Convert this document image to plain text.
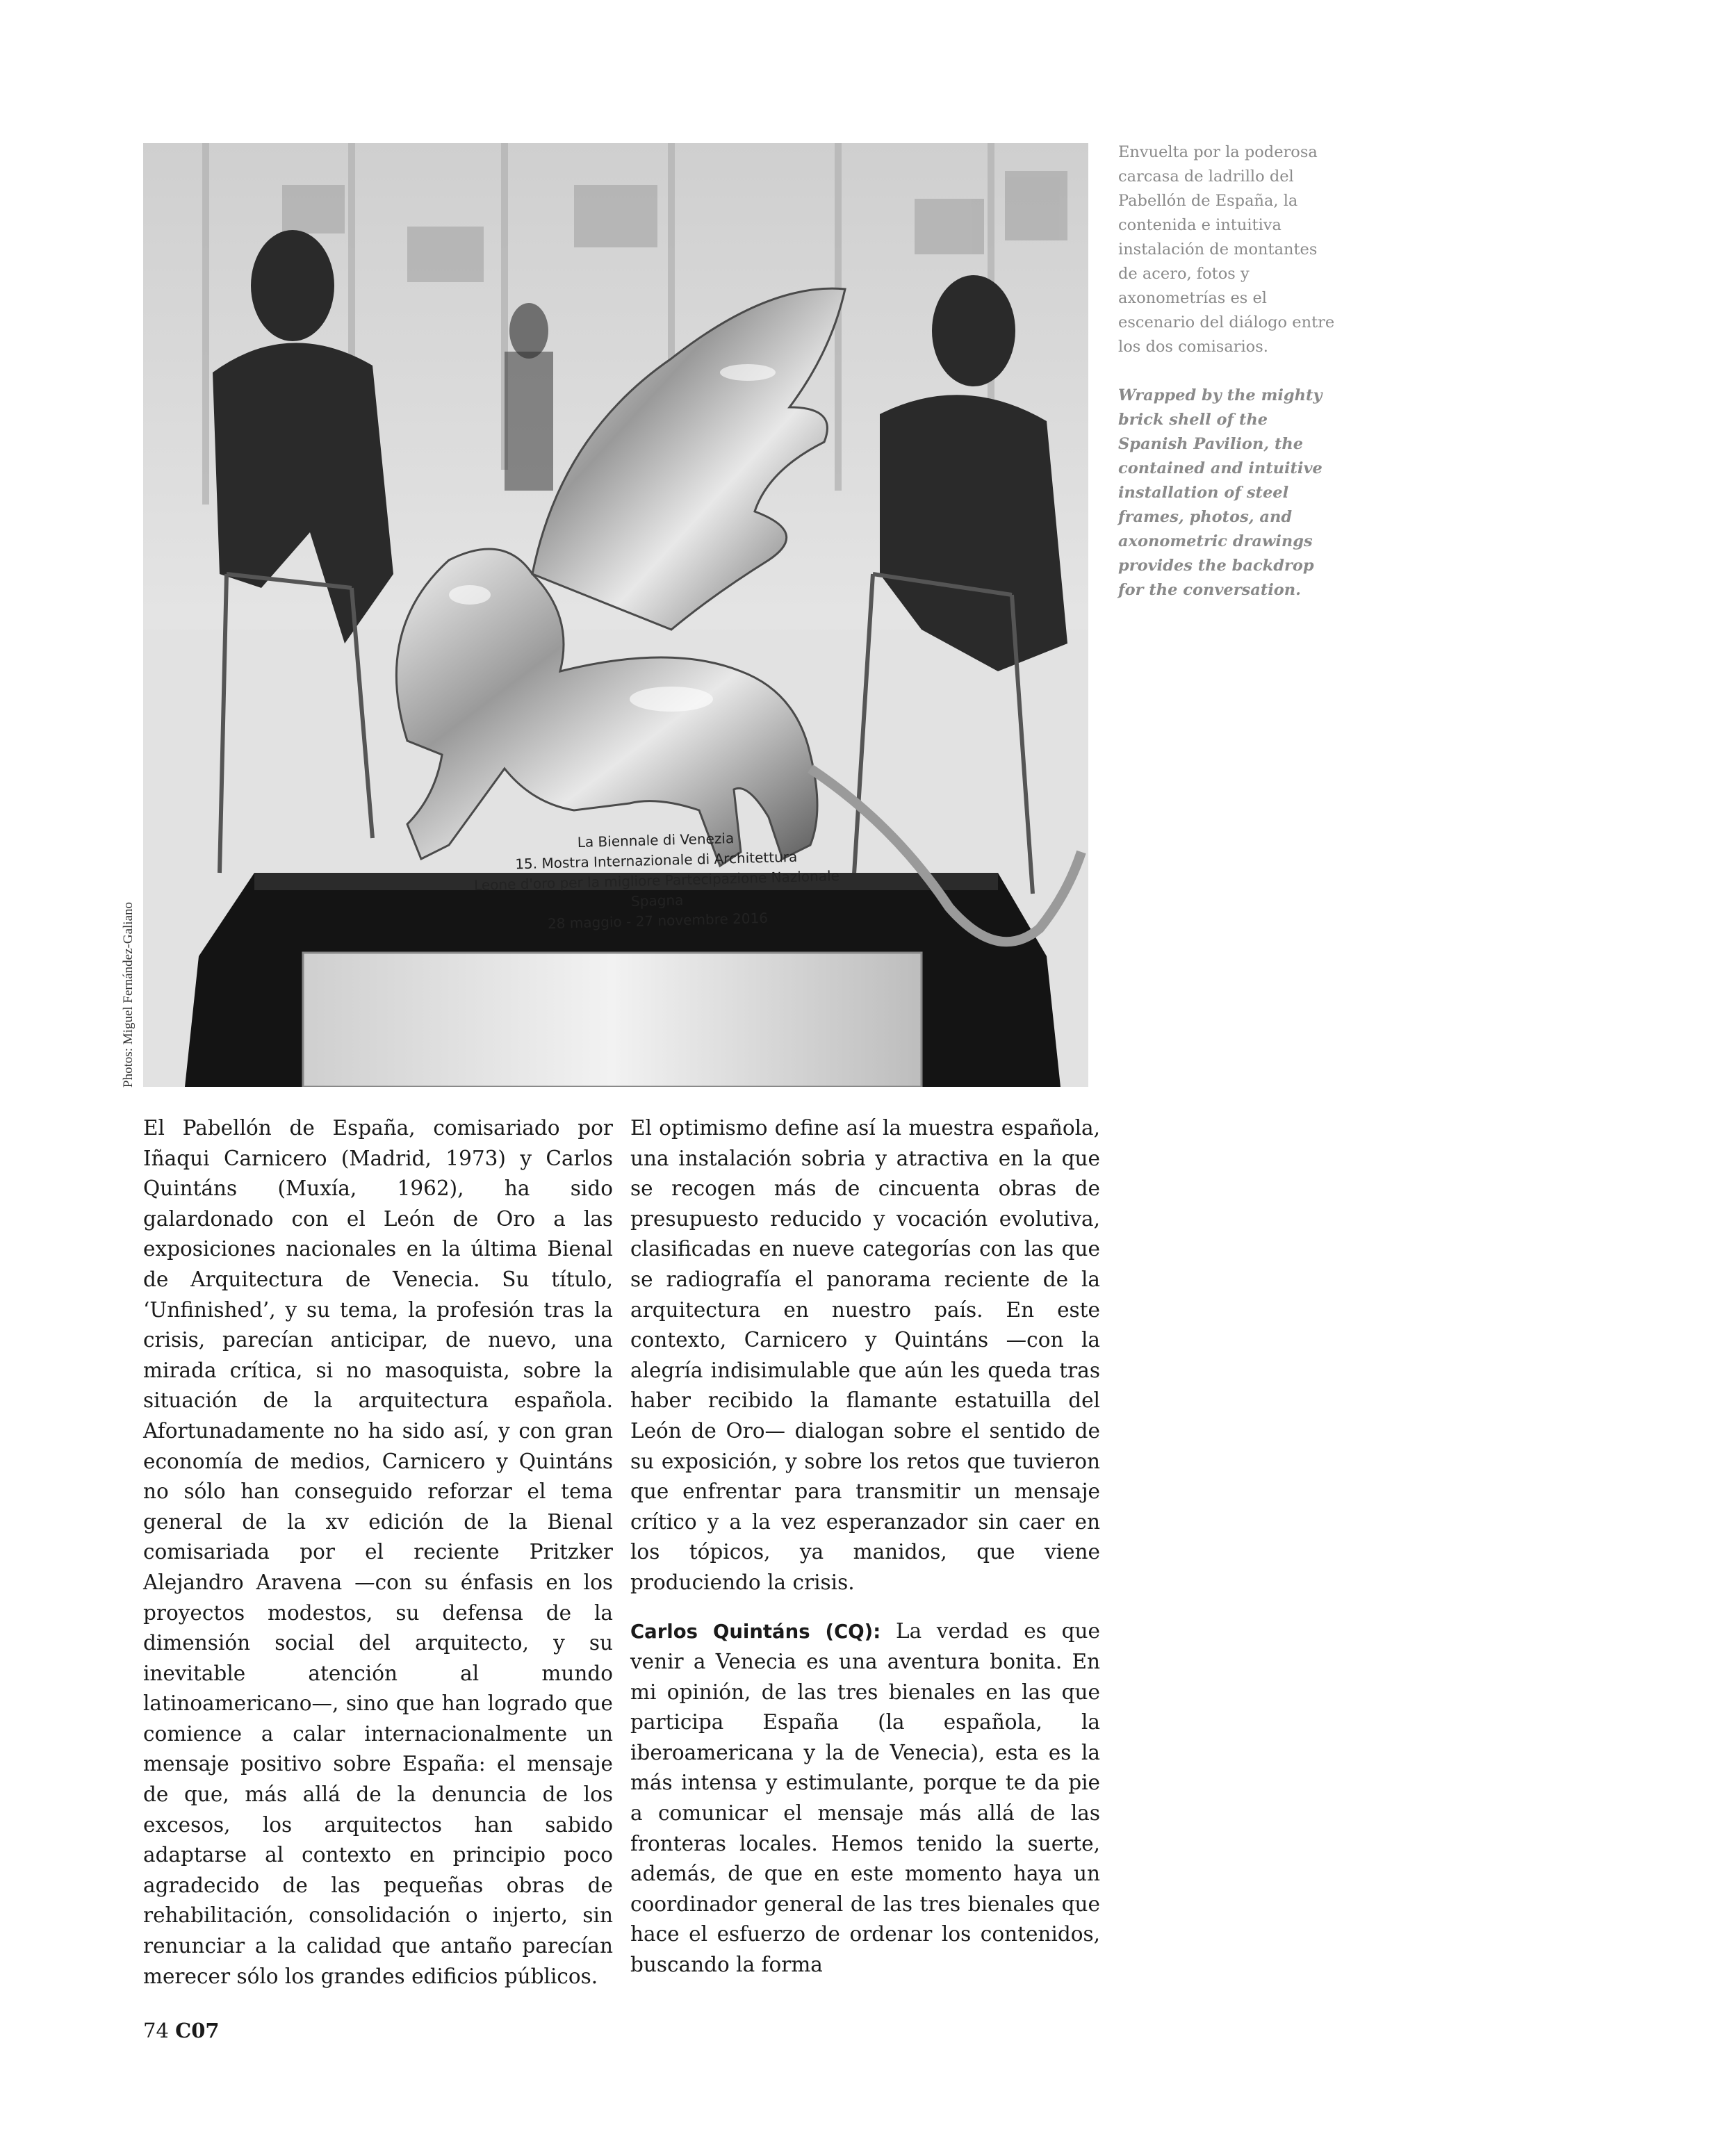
La Biennale di Venezia
15. Mostra Internazionale di Architettura
Leone d'oro per la migliore Partecipazione Nazionale
Spagna
28 maggio - 27 novembre 2016
Photos: Miguel Fernández-Galiano
Envuelta por la poderosa carcasa de ladrillo del Pabellón de España, la contenida e intuitiva instalación de montantes de acero, fotos y axonometrías es el escenario del diálogo entre los dos comisarios.
Wrapped by the mighty brick shell of the Spanish Pavilion, the contained and intuitive installation of steel frames, photos, and axonometric drawings provides the backdrop for the conversation.

El Pabellón de España, comisariado por Iñaqui Carnicero (Madrid, 1973) y Carlos Quintáns (Muxía, 1962), ha sido galardonado con el León de Oro a las exposiciones nacionales en la última Bienal de Arquitectura de Venecia. Su título, ‘Unfinished’, y su tema, la profesión tras la crisis, parecían anticipar, de nuevo, una mirada crítica, si no masoquista, sobre la situación de la arquitectura española. Afortunadamente no ha sido así, y con gran economía de medios, Carnicero y Quintáns no sólo han conseguido reforzar el tema general de la xv edición de la Bienal comisariada por el reciente Pritzker Alejandro Aravena —con su énfasis en los proyectos modestos, su defensa de la dimensión social del arquitecto, y su inevitable atención al mundo latinoamericano—, sino que han logrado que comience a calar internacionalmente un mensaje positivo sobre España: el mensaje de que, más allá de la denuncia de los excesos, los arquitectos han sabido adaptarse al contexto en principio poco agradecido de las pequeñas obras de rehabilitación, consolidación o injerto, sin renunciar a la calidad que antaño parecían merecer sólo los grandes edificios públicos.

El optimismo define así la muestra española, una instalación sobria y atractiva en la que se recogen más de cincuenta obras de presupuesto reducido y vocación evolutiva, clasificadas en nueve categorías con las que se radiografía el panorama reciente de la arquitectura en nuestro país. En este contexto, Carnicero y Quintáns —con la alegría indisimulable que aún les queda tras haber recibido la flamante estatuilla del León de Oro— dialogan sobre el sentido de su exposición, y sobre los retos que tuvieron que enfrentar para transmitir un mensaje crítico y a la vez esperanzador sin caer en los tópicos, ya manidos, que viene produciendo la crisis.

Carlos Quintáns (CQ): La verdad es que venir a Venecia es una aventura bonita. En mi opinión, de las tres bienales en las que participa España (la española, la iberoamericana y la de Venecia), esta es la más intensa y estimulante, porque te da pie a comunicar el mensaje más allá de las fronteras locales. Hemos tenido la suerte, además, de que en este momento haya un coordinador general de las tres bienales que hace el esfuerzo de ordenar los contenidos, buscando la forma

74 C07
